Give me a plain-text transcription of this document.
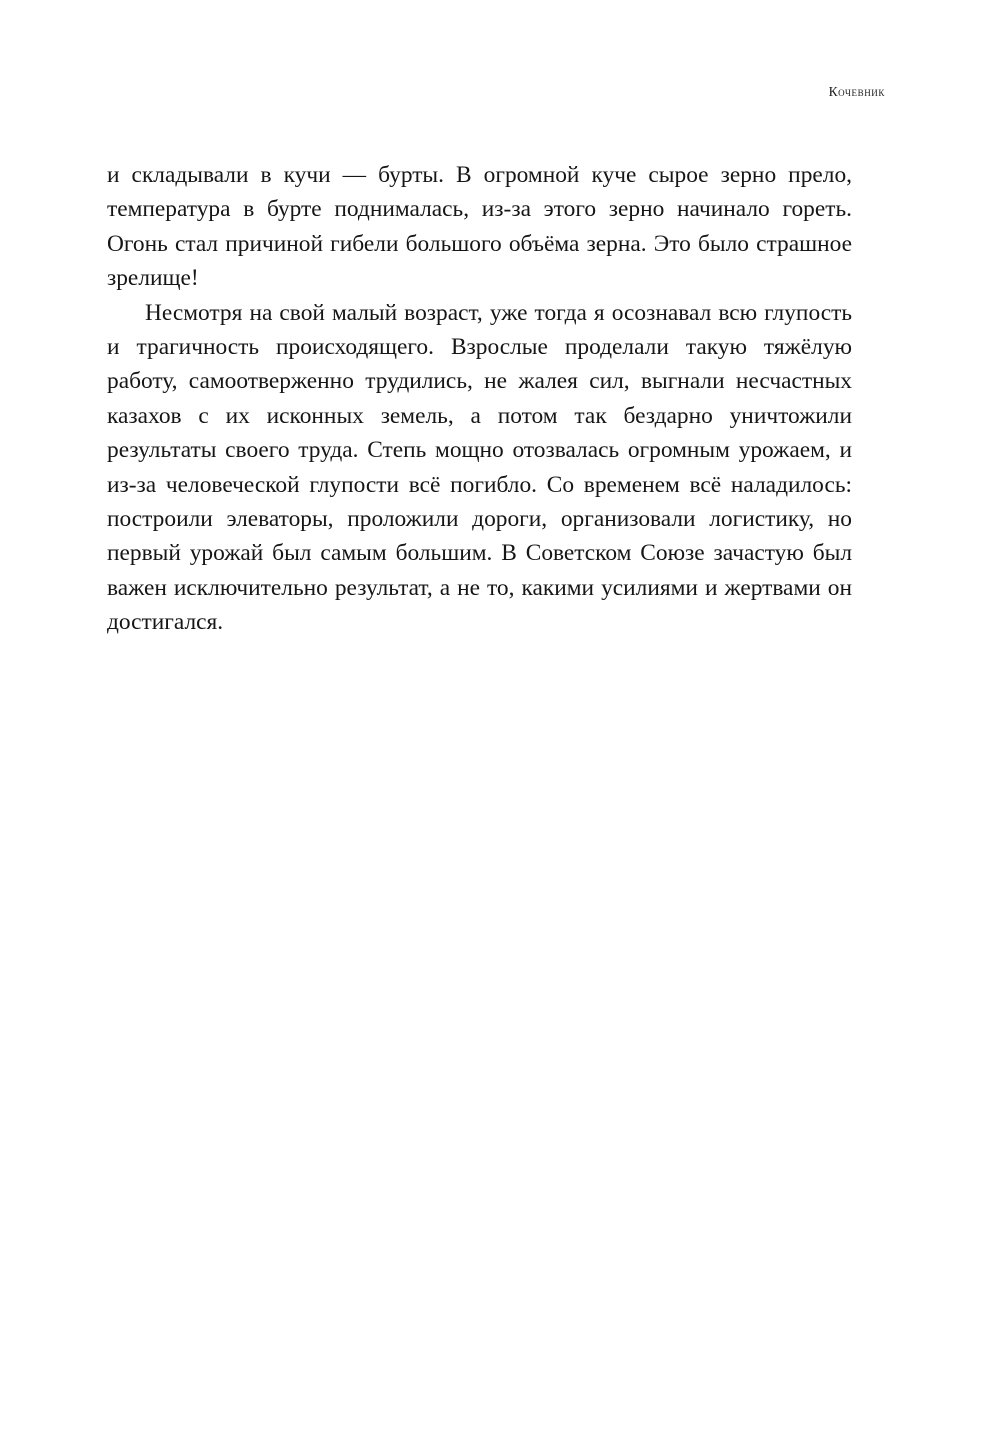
Кочевник

и складывали в кучи — бурты. В огромной куче сырое зерно прело, температура в бурте поднималась, из-за этого зерно начинало гореть. Огонь стал причиной гибели большого объёма зерна. Это было страшное зрелище!

Несмотря на свой малый возраст, уже тогда я осознавал всю глупость и трагичность происходящего. Взрослые проделали такую тяжёлую работу, самоотверженно трудились, не жалея сил, выгнали несчастных казахов с их исконных земель, а потом так бездарно уничтожили результаты своего труда. Степь мощно отозвалась огромным урожаем, и из-за человеческой глупости всё погибло. Со временем всё наладилось: построили элеваторы, проложили дороги, организовали логистику, но первый урожай был самым большим. В Советском Союзе зачастую был важен исключительно результат, а не то, какими усилиями и жертвами он достигался.
